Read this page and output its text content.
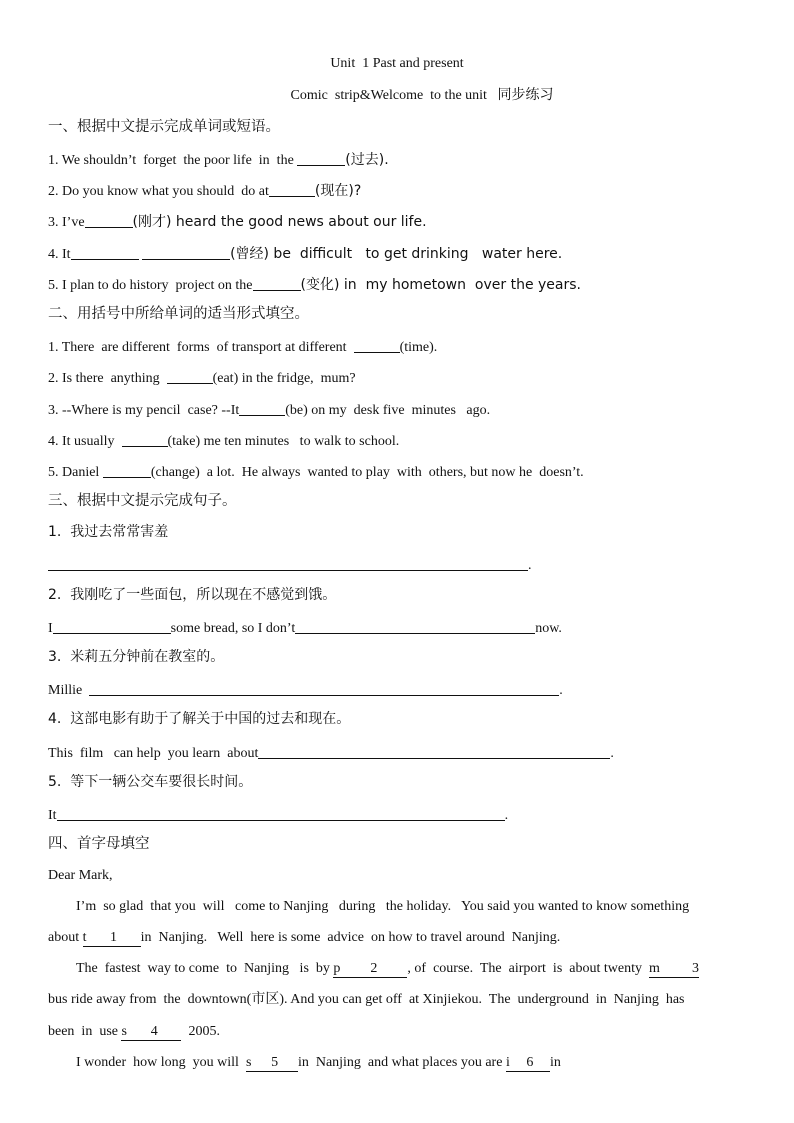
Unit  1 Past and present
Comic  strip&Welcome  to the unit   同步练习
一、根据中文提示完成单词或短语。
1. We shouldn’t  forget  the poor life  in  the	(过去).
2. Do you know what you should  do at	(现在)?
3. I’ve	(刚才) heard the good news about our life.
4. It	(曾经) be  difficult   to get drinking   water here.
5. I plan to do history  project on the	(变化) in  my hometown  over the years.
二、用括号中所给单词的适当形式填空。
1. There  are different  forms  of transport at different	(time).
2. Is there  anything	(eat) in the fridge,  mum?
3. --Where is my pencil  case? --It	(be) on my  desk five  minutes   ago.
4. It usually	(take) me ten minutes   to walk to school.
5. Daniel	(change)  a lot.  He always  wanted to play  with  others, but now he  doesn’t.
三、根据中文提示完成句子。
1.  我过去常常害羞
.
2.  我刚吃了一些面包，所以现在不感觉到饿。
I	some bread, so I don’t	now.
3.  米莉五分钟前在教室的。
Millie	.
4.  这部电影有助于了解关于中国的过去和现在。
This  film   can help  you learn  about	.
5.  等下一辆公交车要很长时间。
It	.
四、首字母填空
Dear Mark,
I’m  so glad  that you  will   come to Nanjing   during   the holiday.   You said you wanted to know something
about t 1 in  Nanjing.   Well  here is some  advice  on how to travel around  Nanjing.
The  fastest  way to come  to  Nanjing   is  by p 2 , of  course.  The  airport  is  about twenty m 3
bus ride away from  the  downtown(市区). And you can get off  at Xinjiekou.  The  underground  in  Nanjing  has
been  in  use s 4 2005.
I wonder  how long  you will s 5 in  Nanjing  and what places you are i 6 in
